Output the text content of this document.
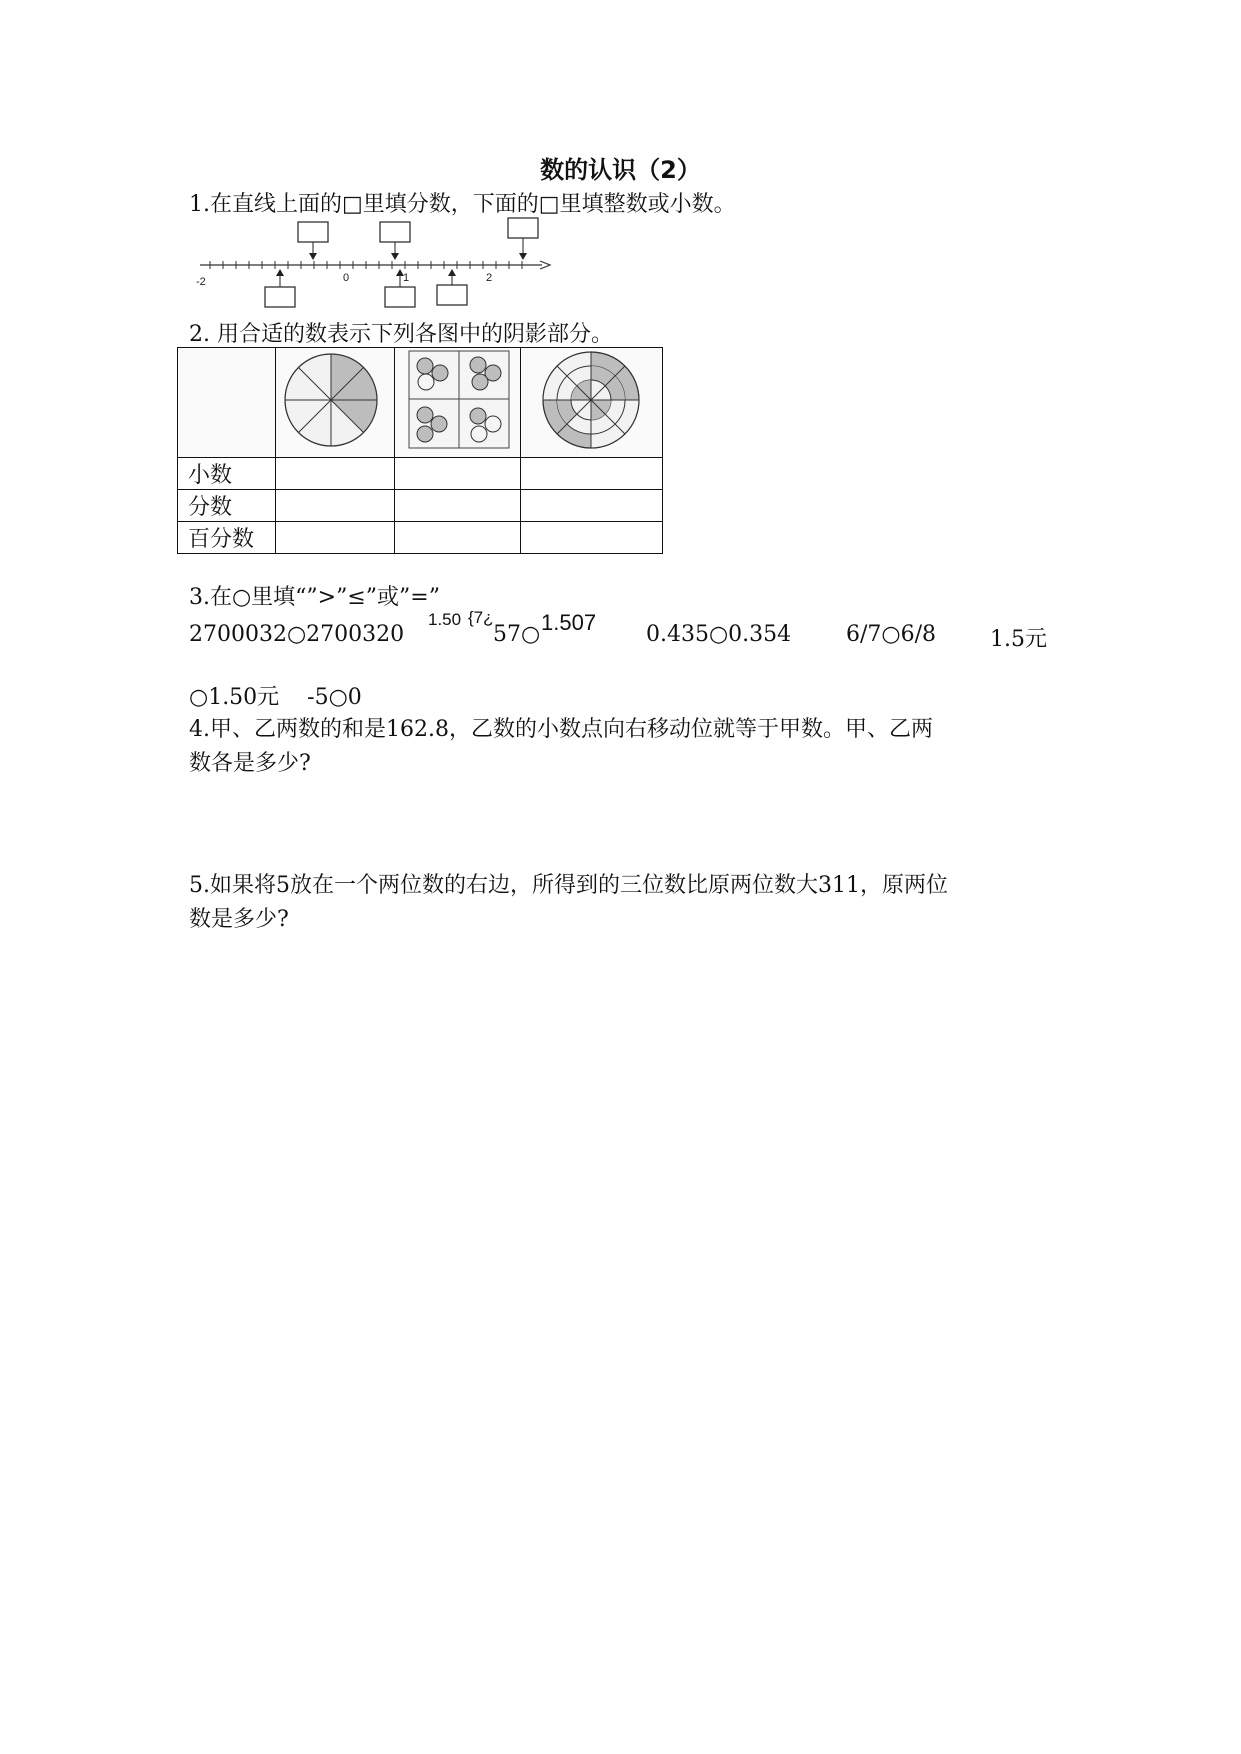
数的认识（2）
1.在直线上面的□里填分数，下面的□里填整数或小数。
-2	0	1	2
2. 用合适的数表示下列各图中的阴影部分。

小数			
分数			
百分数			
3.在○里填“”>”≤”或”=”
2700032○2700320
1.50 {7¿
57○ 1.507 0.435○0.354 6/7○6/8 1.5元
○1.50元    -5○0
4.甲、乙两数的和是162.8，乙数的小数点向右移动位就等于甲数。甲、乙两
数各是多少?
5.如果将5放在一个两位数的右边，所得到的三位数比原两位数大311，原两位
数是多少?
